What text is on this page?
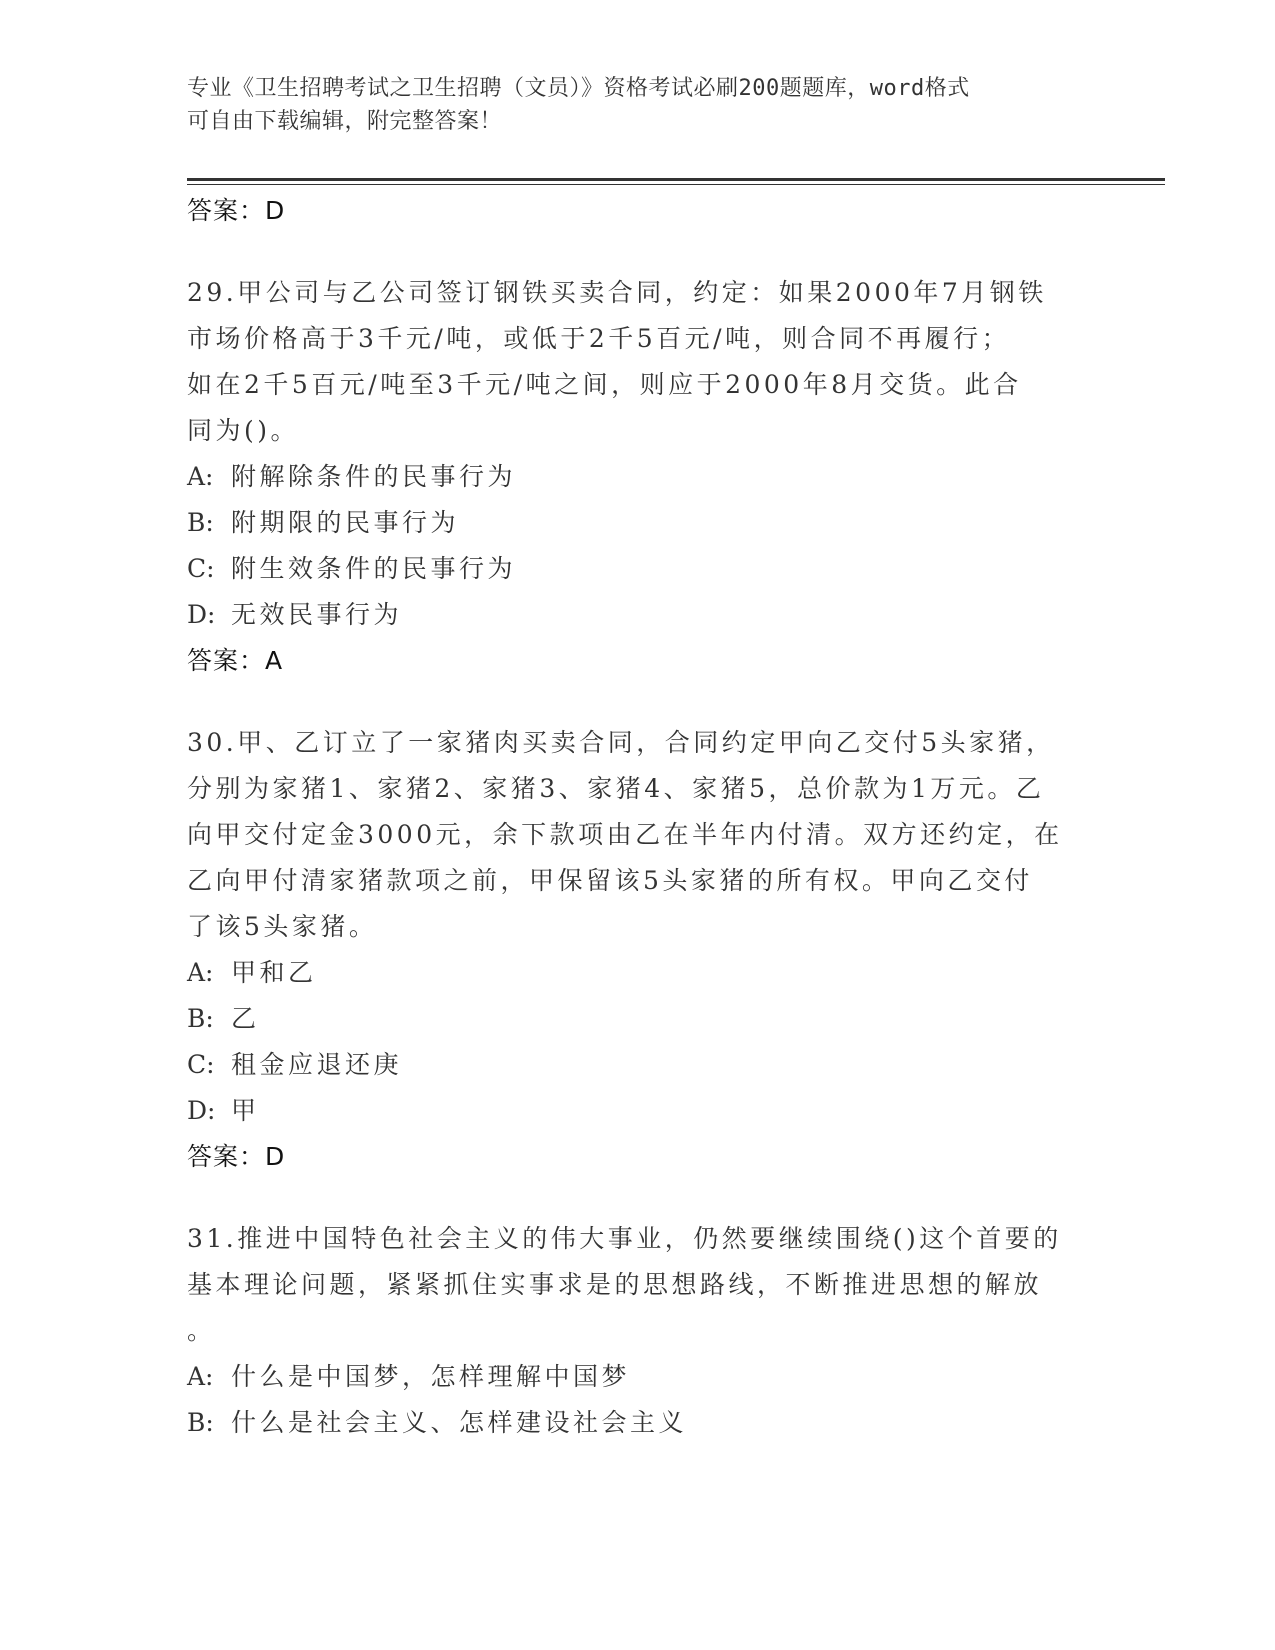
专业《卫生招聘考试之卫生招聘（文员）》资格考试必刷200题题库，word格式
可自由下载编辑，附完整答案！
答案：D
29.甲公司与乙公司签订钢铁买卖合同，约定：如果2000年7月钢铁
市场价格高于3千元/吨，或低于2千5百元/吨，则合同不再履行；
如在2千5百元/吨至3千元/吨之间，则应于2000年8月交货。此合
同为()。
A: 附解除条件的民事行为
B: 附期限的民事行为
C: 附生效条件的民事行为
D: 无效民事行为
答案：A
30.甲、乙订立了一家猪肉买卖合同，合同约定甲向乙交付5头家猪，
分别为家猪1、家猪2、家猪3、家猪4、家猪5，总价款为1万元。乙
向甲交付定金3000元，余下款项由乙在半年内付清。双方还约定，在
乙向甲付清家猪款项之前，甲保留该5头家猪的所有权。甲向乙交付
了该5头家猪。
A: 甲和乙
B: 乙
C: 租金应退还庚
D: 甲
答案：D
31.推进中国特色社会主义的伟大事业，仍然要继续围绕()这个首要的
基本理论问题，紧紧抓住实事求是的思想路线，不断推进思想的解放
。
A: 什么是中国梦，怎样理解中国梦
B: 什么是社会主义、怎样建设社会主义
